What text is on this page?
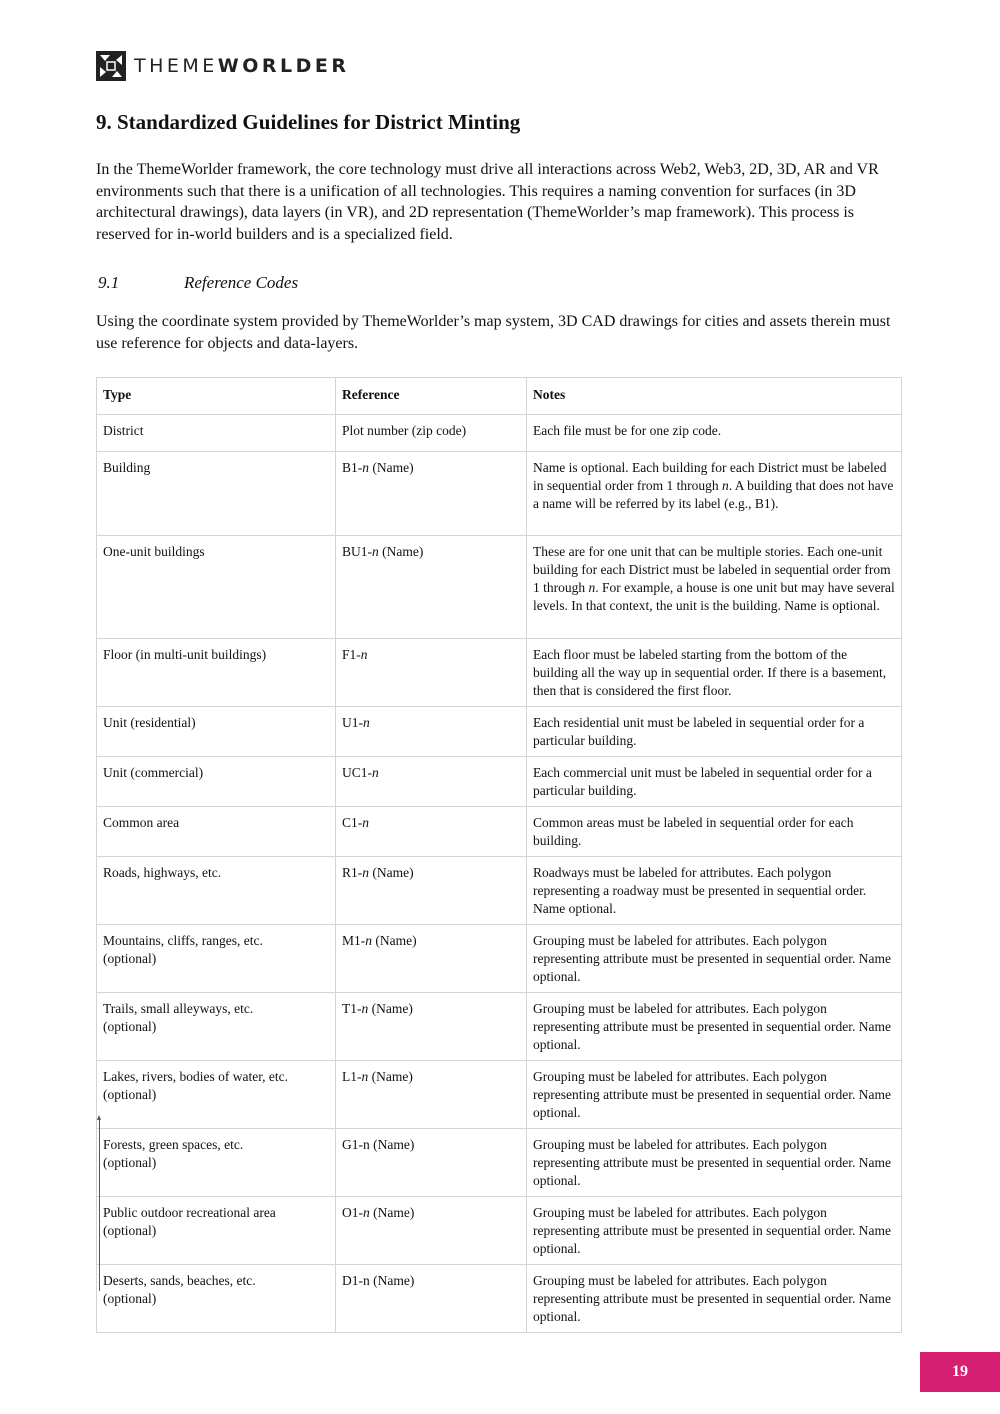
THEMEWORLDER
9. Standardized Guidelines for District Minting
In the ThemeWorlder framework, the core technology must drive all interactions across Web2, Web3, 2D, 3D, AR and VR environments such that there is a unification of all technologies. This requires a naming convention for surfaces (in 3D architectural drawings), data layers (in VR), and 2D representation (ThemeWorlder’s map framework). This process is reserved for in-world builders and is a specialized field.
9.1	Reference Codes
Using the coordinate system provided by ThemeWorlder’s map system, 3D CAD drawings for cities and assets therein must use reference for objects and data-layers.
Type	Reference	Notes
District	Plot number (zip code)	Each file must be for one zip code.
Building	B1-n (Name)	Name is optional. Each building for each District must be labeled in sequential order from 1 through n. A building that does not have a name will be referred by its label (e.g., B1).
One-unit buildings	BU1-n (Name)	These are for one unit that can be multiple stories. Each one-unit building for each District must be labeled in sequential order from 1 through n. For example, a house is one unit but may have several levels. In that context, the unit is the building. Name is optional.
Floor (in multi-unit buildings)	F1-n	Each floor must be labeled starting from the bottom of the building all the way up in sequential order. If there is a basement, then that is considered the first floor.
Unit (residential)	U1-n	Each residential unit must be labeled in sequential order for a particular building.
Unit (commercial)	UC1-n	Each commercial unit must be labeled in sequential order for a particular building.
Common area	C1-n	Common areas must be labeled in sequential order for each building.
Roads, highways, etc.	R1-n (Name)	Roadways must be labeled for attributes. Each polygon representing a roadway must be presented in sequential order. Name optional.
Mountains, cliffs, ranges, etc.
(optional)	M1-n (Name)	Grouping must be labeled for attributes. Each polygon representing attribute must be presented in sequential order. Name optional.
Trails, small alleyways, etc.
(optional)	T1-n (Name)	Grouping must be labeled for attributes. Each polygon representing attribute must be presented in sequential order. Name optional.
Lakes, rivers, bodies of water, etc.
(optional)	L1-n (Name)	Grouping must be labeled for attributes. Each polygon representing attribute must be presented in sequential order. Name optional.
Forests, green spaces, etc.
(optional)	G1-n (Name)	Grouping must be labeled for attributes. Each polygon representing attribute must be presented in sequential order. Name optional.
Public outdoor recreational area
(optional)	O1-n (Name)	Grouping must be labeled for attributes. Each polygon representing attribute must be presented in sequential order. Name optional.
Deserts, sands, beaches, etc.
(optional)	D1-n (Name)	Grouping must be labeled for attributes. Each polygon representing attribute must be presented in sequential order. Name optional.
19
